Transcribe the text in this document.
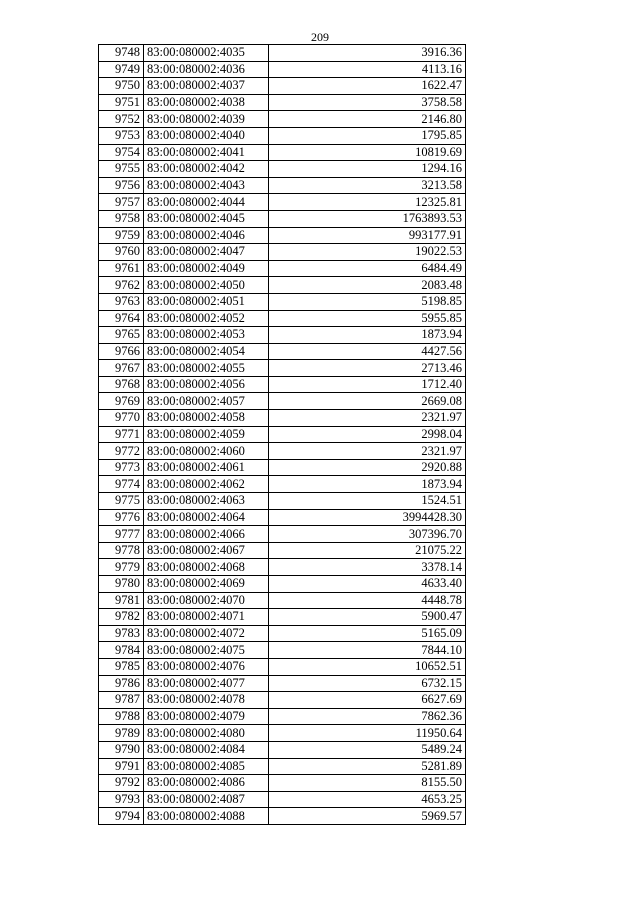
209
9748	83:00:080002:4035	3916.36
9749	83:00:080002:4036	4113.16
9750	83:00:080002:4037	1622.47
9751	83:00:080002:4038	3758.58
9752	83:00:080002:4039	2146.80
9753	83:00:080002:4040	1795.85
9754	83:00:080002:4041	10819.69
9755	83:00:080002:4042	1294.16
9756	83:00:080002:4043	3213.58
9757	83:00:080002:4044	12325.81
9758	83:00:080002:4045	1763893.53
9759	83:00:080002:4046	993177.91
9760	83:00:080002:4047	19022.53
9761	83:00:080002:4049	6484.49
9762	83:00:080002:4050	2083.48
9763	83:00:080002:4051	5198.85
9764	83:00:080002:4052	5955.85
9765	83:00:080002:4053	1873.94
9766	83:00:080002:4054	4427.56
9767	83:00:080002:4055	2713.46
9768	83:00:080002:4056	1712.40
9769	83:00:080002:4057	2669.08
9770	83:00:080002:4058	2321.97
9771	83:00:080002:4059	2998.04
9772	83:00:080002:4060	2321.97
9773	83:00:080002:4061	2920.88
9774	83:00:080002:4062	1873.94
9775	83:00:080002:4063	1524.51
9776	83:00:080002:4064	3994428.30
9777	83:00:080002:4066	307396.70
9778	83:00:080002:4067	21075.22
9779	83:00:080002:4068	3378.14
9780	83:00:080002:4069	4633.40
9781	83:00:080002:4070	4448.78
9782	83:00:080002:4071	5900.47
9783	83:00:080002:4072	5165.09
9784	83:00:080002:4075	7844.10
9785	83:00:080002:4076	10652.51
9786	83:00:080002:4077	6732.15
9787	83:00:080002:4078	6627.69
9788	83:00:080002:4079	7862.36
9789	83:00:080002:4080	11950.64
9790	83:00:080002:4084	5489.24
9791	83:00:080002:4085	5281.89
9792	83:00:080002:4086	8155.50
9793	83:00:080002:4087	4653.25
9794	83:00:080002:4088	5969.57
